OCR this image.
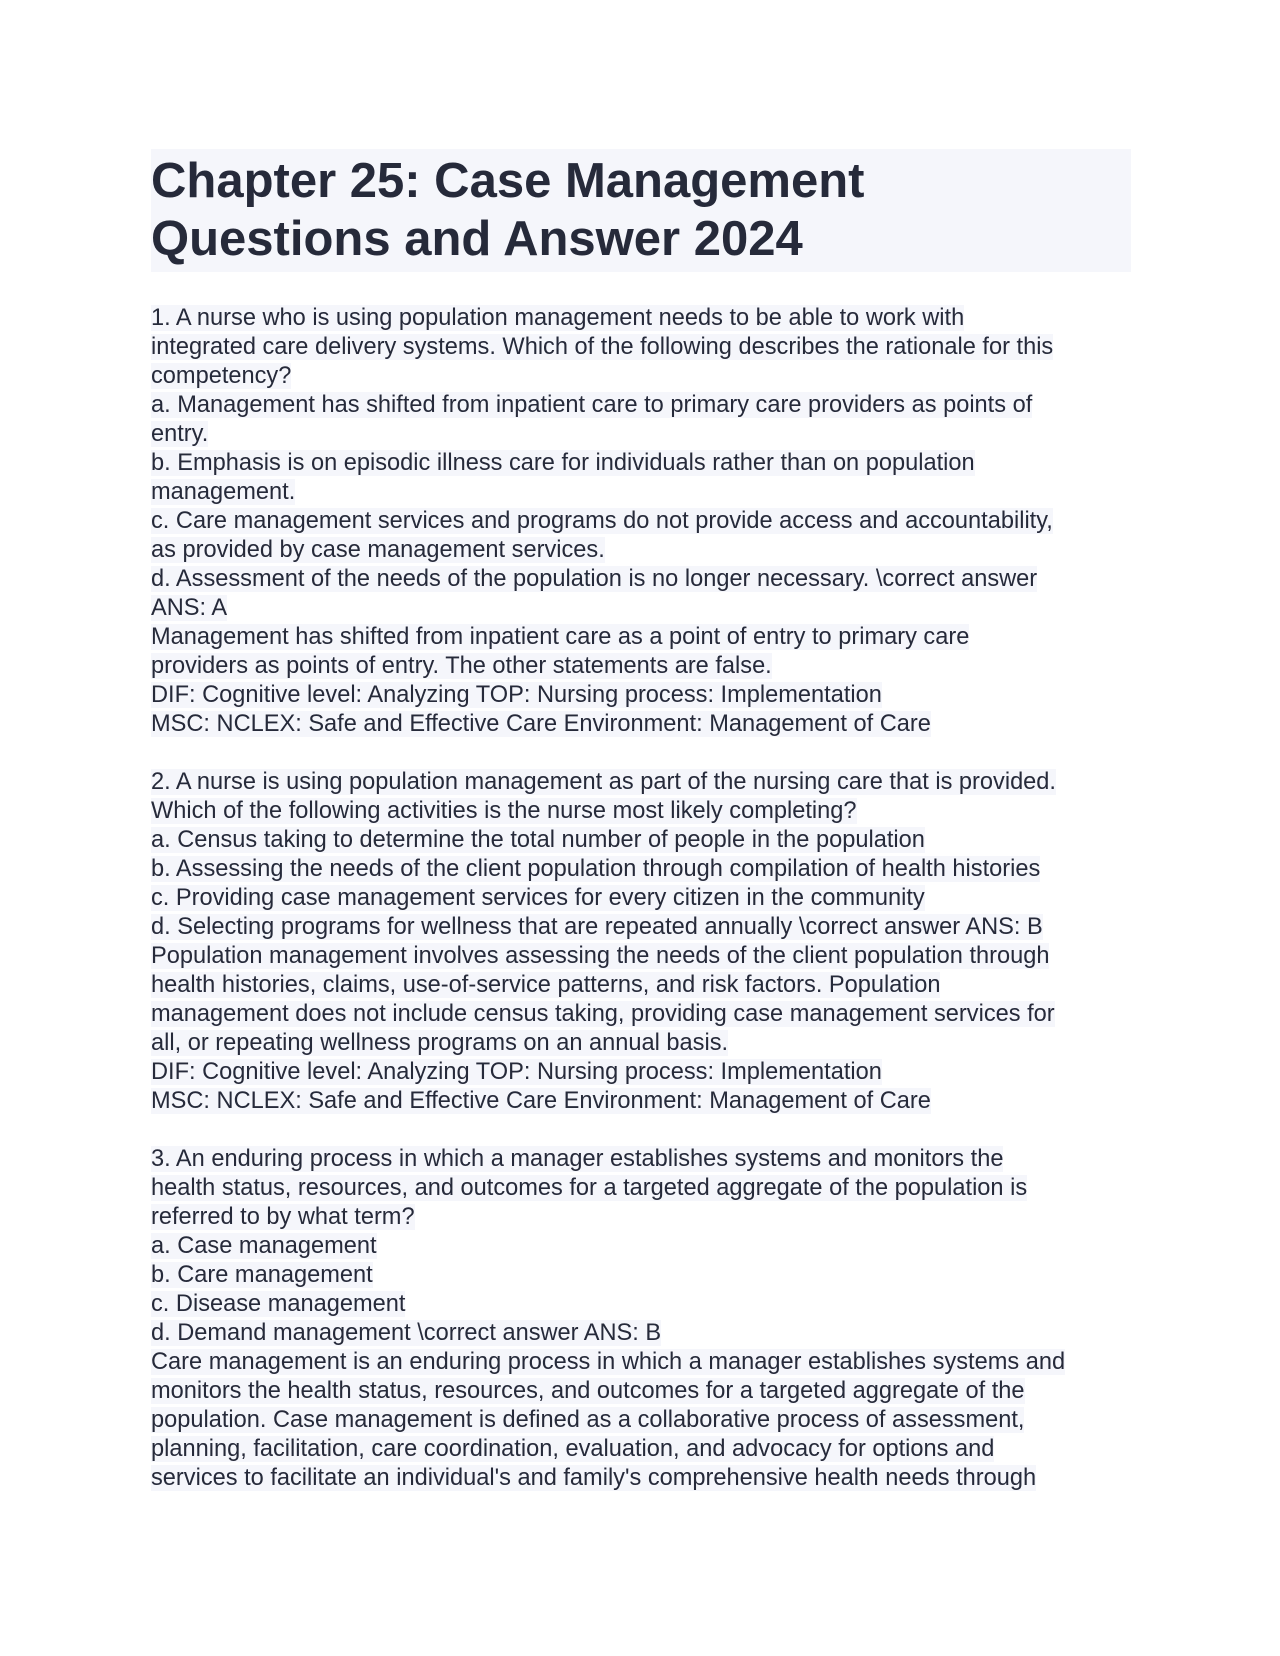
Chapter 25: Case Management
Questions and Answer 2024
1. A nurse who is using population management needs to be able to work with
integrated care delivery systems. Which of the following describes the rationale for this
competency?
a. Management has shifted from inpatient care to primary care providers as points of
entry.
b. Emphasis is on episodic illness care for individuals rather than on population
management.
c. Care management services and programs do not provide access and accountability,
as provided by case management services.
d. Assessment of the needs of the population is no longer necessary. \correct answer
ANS: A
Management has shifted from inpatient care as a point of entry to primary care
providers as points of entry. The other statements are false.
DIF: Cognitive level: Analyzing TOP: Nursing process: Implementation
MSC: NCLEX: Safe and Effective Care Environment: Management of Care
2. A nurse is using population management as part of the nursing care that is provided.
Which of the following activities is the nurse most likely completing?
a. Census taking to determine the total number of people in the population
b. Assessing the needs of the client population through compilation of health histories
c. Providing case management services for every citizen in the community
d. Selecting programs for wellness that are repeated annually \correct answer ANS: B
Population management involves assessing the needs of the client population through
health histories, claims, use-of-service patterns, and risk factors. Population
management does not include census taking, providing case management services for
all, or repeating wellness programs on an annual basis.
DIF: Cognitive level: Analyzing TOP: Nursing process: Implementation
MSC: NCLEX: Safe and Effective Care Environment: Management of Care
3. An enduring process in which a manager establishes systems and monitors the
health status, resources, and outcomes for a targeted aggregate of the population is
referred to by what term?
a. Case management
b. Care management
c. Disease management
d. Demand management \correct answer ANS: B
Care management is an enduring process in which a manager establishes systems and
monitors the health status, resources, and outcomes for a targeted aggregate of the
population. Case management is defined as a collaborative process of assessment,
planning, facilitation, care coordination, evaluation, and advocacy for options and
services to facilitate an individual's and family's comprehensive health needs through
